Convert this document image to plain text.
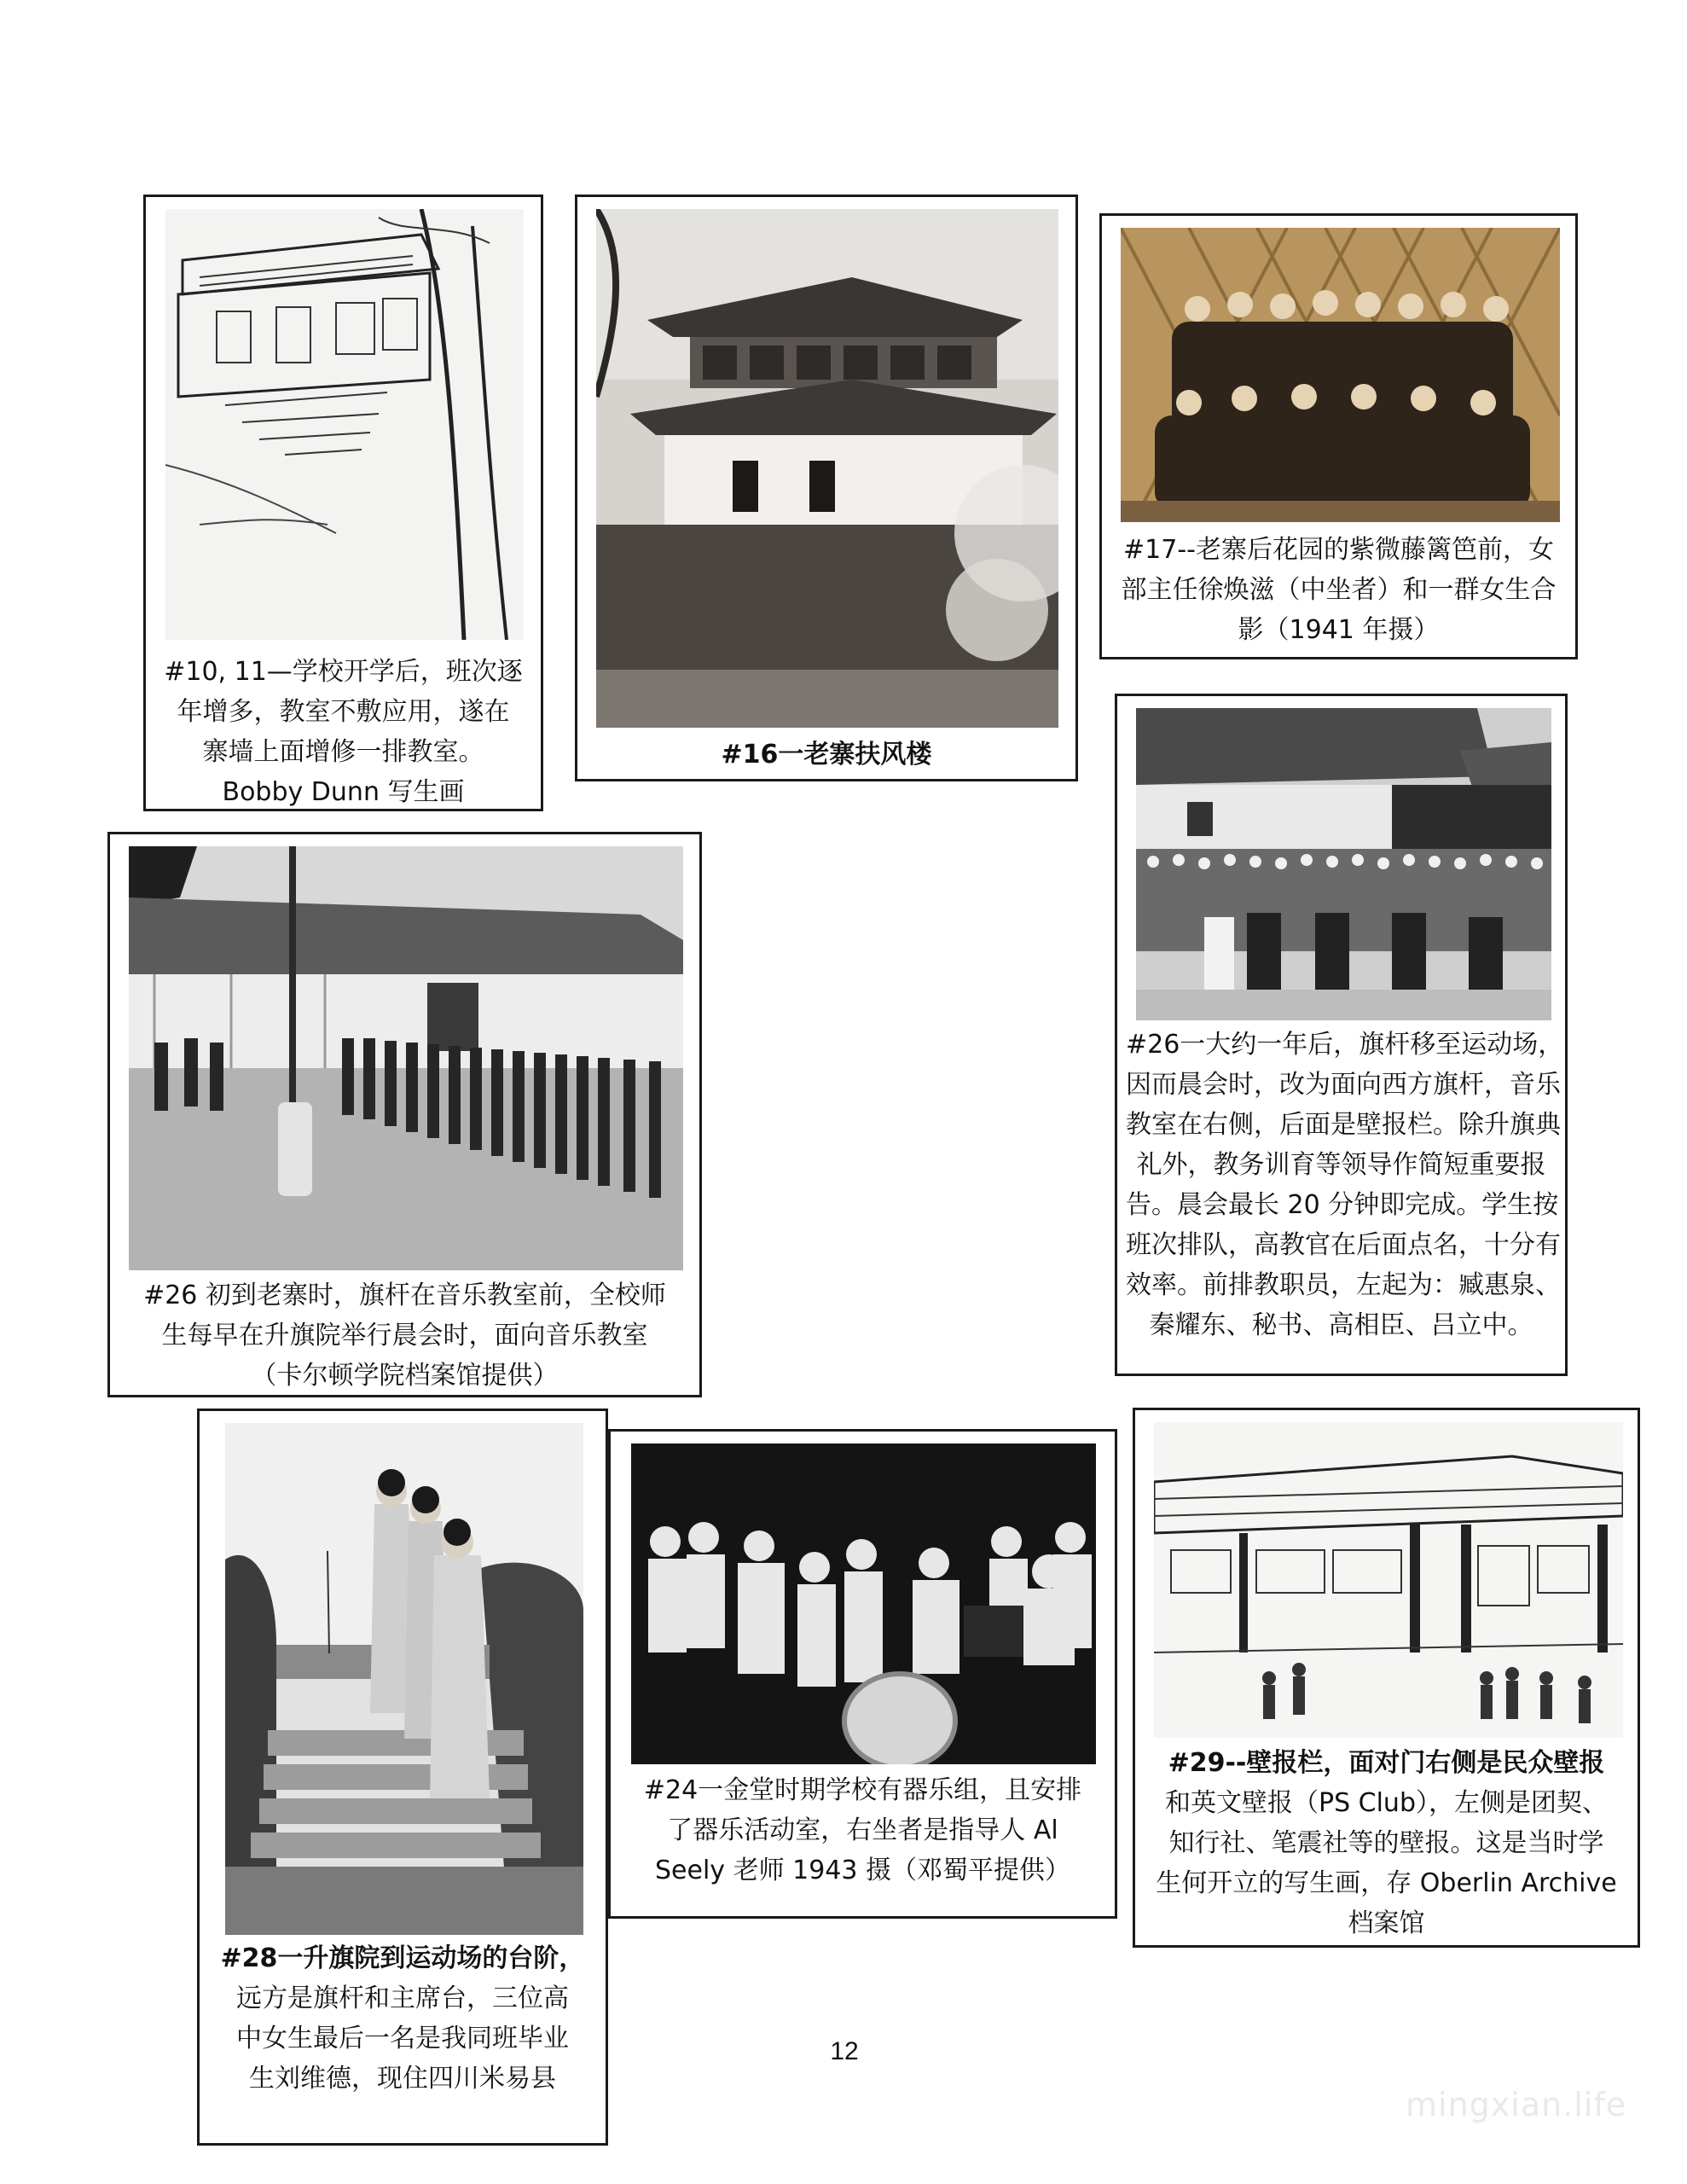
#10, 11—学校开学后，班次逐
年增多，教室不敷应用，遂在
寨墙上面增修一排教室。
Bobby Dunn 写生画
#16一老寨扶风楼
#17--老寨后花园的紫微藤篱笆前，女
部主任徐焕滋（中坐者）和一群女生合
影（1941 年摄）
#26一大约一年后，旗杆移至运动场，
因而晨会时，改为面向西方旗杆，音乐
教室在右侧，后面是壁报栏。除升旗典
礼外，教务训育等领导作简短重要报
告。晨会最长 20 分钟即完成。学生按
班次排队，高教官在后面点名，十分有
效率。前排教职员，左起为：臧惠泉、
秦耀东、秘书、高相臣、吕立中。
#26 初到老寨时，旗杆在音乐教室前，全校师
生每早在升旗院举行晨会时，面向音乐教室
（卡尔顿学院档案馆提供）
#28一升旗院到运动场的台阶，
远方是旗杆和主席台，三位高
中女生最后一名是我同班毕业
生刘维德，现住四川米易县
#24一金堂时期学校有器乐组，且安排
了器乐活动室，右坐者是指导人 Al
Seely 老师 1943 摄（邓蜀平提供）
#29--壁报栏，面对门右侧是民众壁报
和英文壁报（PS Club），左侧是团契、
知行社、笔震社等的壁报。这是当时学
生何开立的写生画，存 Oberlin Archive
档案馆
12
mingxian.life
